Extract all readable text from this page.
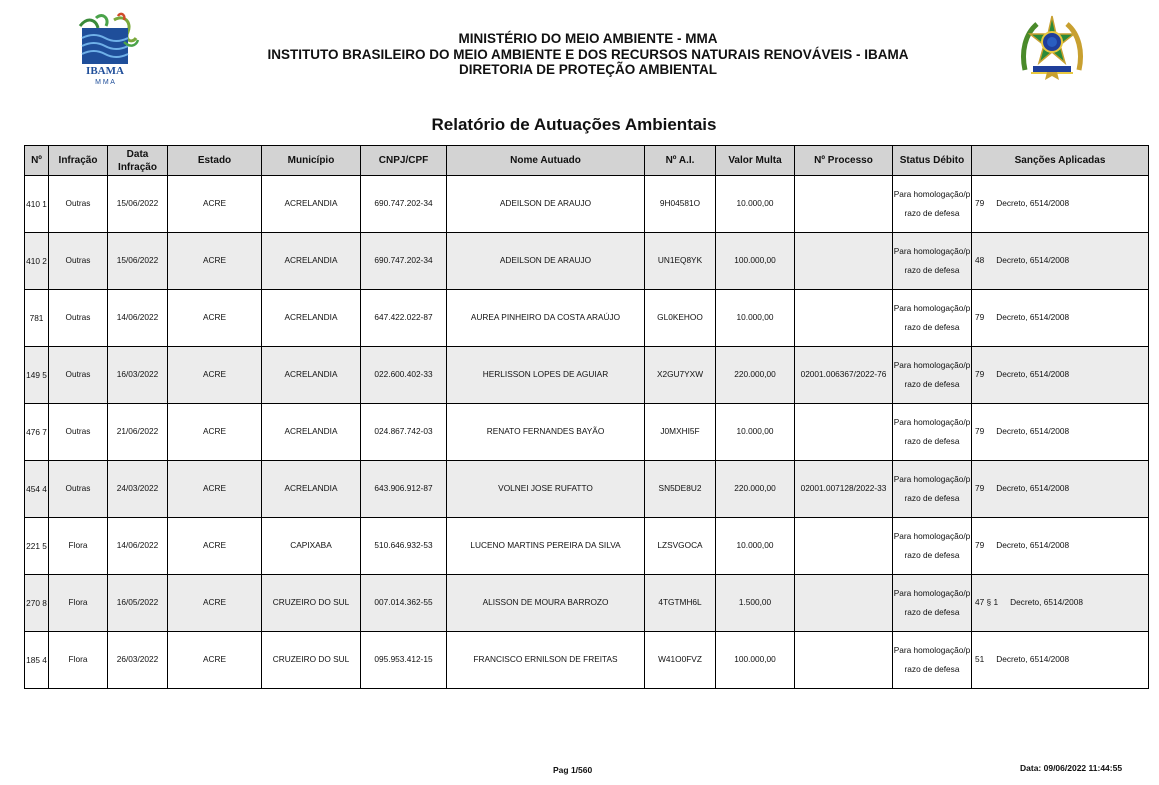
IBAMA
M M A
MINISTÉRIO DO MEIO AMBIENTE - MMA
INSTITUTO BRASILEIRO DO MEIO AMBIENTE E DOS RECURSOS NATURAIS RENOVÁVEIS - IBAMA
DIRETORIA DE PROTEÇÃO AMBIENTAL
Relatório de Autuações Ambientais
Nº	Infração	Data Infração	Estado	Município	CNPJ/CPF	Nome Autuado	Nº A.I.	Valor Multa	Nº Processo	Status Débito	Sanções Aplicadas
410 1	Outras	15/06/2022	ACRE	ACRELANDIA	690.747.202-34	ADEILSON DE ARAUJO	9H04581O	10.000,00		Para homologação/prazo de defesa	79 Decreto, 6514/2008
410 2	Outras	15/06/2022	ACRE	ACRELANDIA	690.747.202-34	ADEILSON DE ARAUJO	UN1EQ8YK	100.000,00		Para homologação/prazo de defesa	48 Decreto, 6514/2008
781	Outras	14/06/2022	ACRE	ACRELANDIA	647.422.022-87	AUREA PINHEIRO DA COSTA ARAÚJO	GL0KEHOO	10.000,00		Para homologação/prazo de defesa	79 Decreto, 6514/2008
149 5	Outras	16/03/2022	ACRE	ACRELANDIA	022.600.402-33	HERLISSON LOPES DE AGUIAR	X2GU7YXW	220.000,00	02001.006367/2022-76	Para homologação/prazo de defesa	79 Decreto, 6514/2008
476 7	Outras	21/06/2022	ACRE	ACRELANDIA	024.867.742-03	RENATO FERNANDES BAYÃO	J0MXHI5F	10.000,00		Para homologação/prazo de defesa	79 Decreto, 6514/2008
454 4	Outras	24/03/2022	ACRE	ACRELANDIA	643.906.912-87	VOLNEI JOSE RUFATTO	SN5DE8U2	220.000,00	02001.007128/2022-33	Para homologação/prazo de defesa	79 Decreto, 6514/2008
221 5	Flora	14/06/2022	ACRE	CAPIXABA	510.646.932-53	LUCENO MARTINS PEREIRA DA SILVA	LZSVGOCA	10.000,00		Para homologação/prazo de defesa	79 Decreto, 6514/2008
270 8	Flora	16/05/2022	ACRE	CRUZEIRO DO SUL	007.014.362-55	ALISSON DE MOURA BARROZO	4TGTMH6L	1.500,00		Para homologação/prazo de defesa	47 § 1 Decreto, 6514/2008
185 4	Flora	26/03/2022	ACRE	CRUZEIRO DO SUL	095.953.412-15	FRANCISCO ERNILSON DE FREITAS	W41O0FVZ	100.000,00		Para homologação/prazo de defesa	51 Decreto, 6514/2008
Pag 1/560	Data: 09/06/2022 11:44:55
